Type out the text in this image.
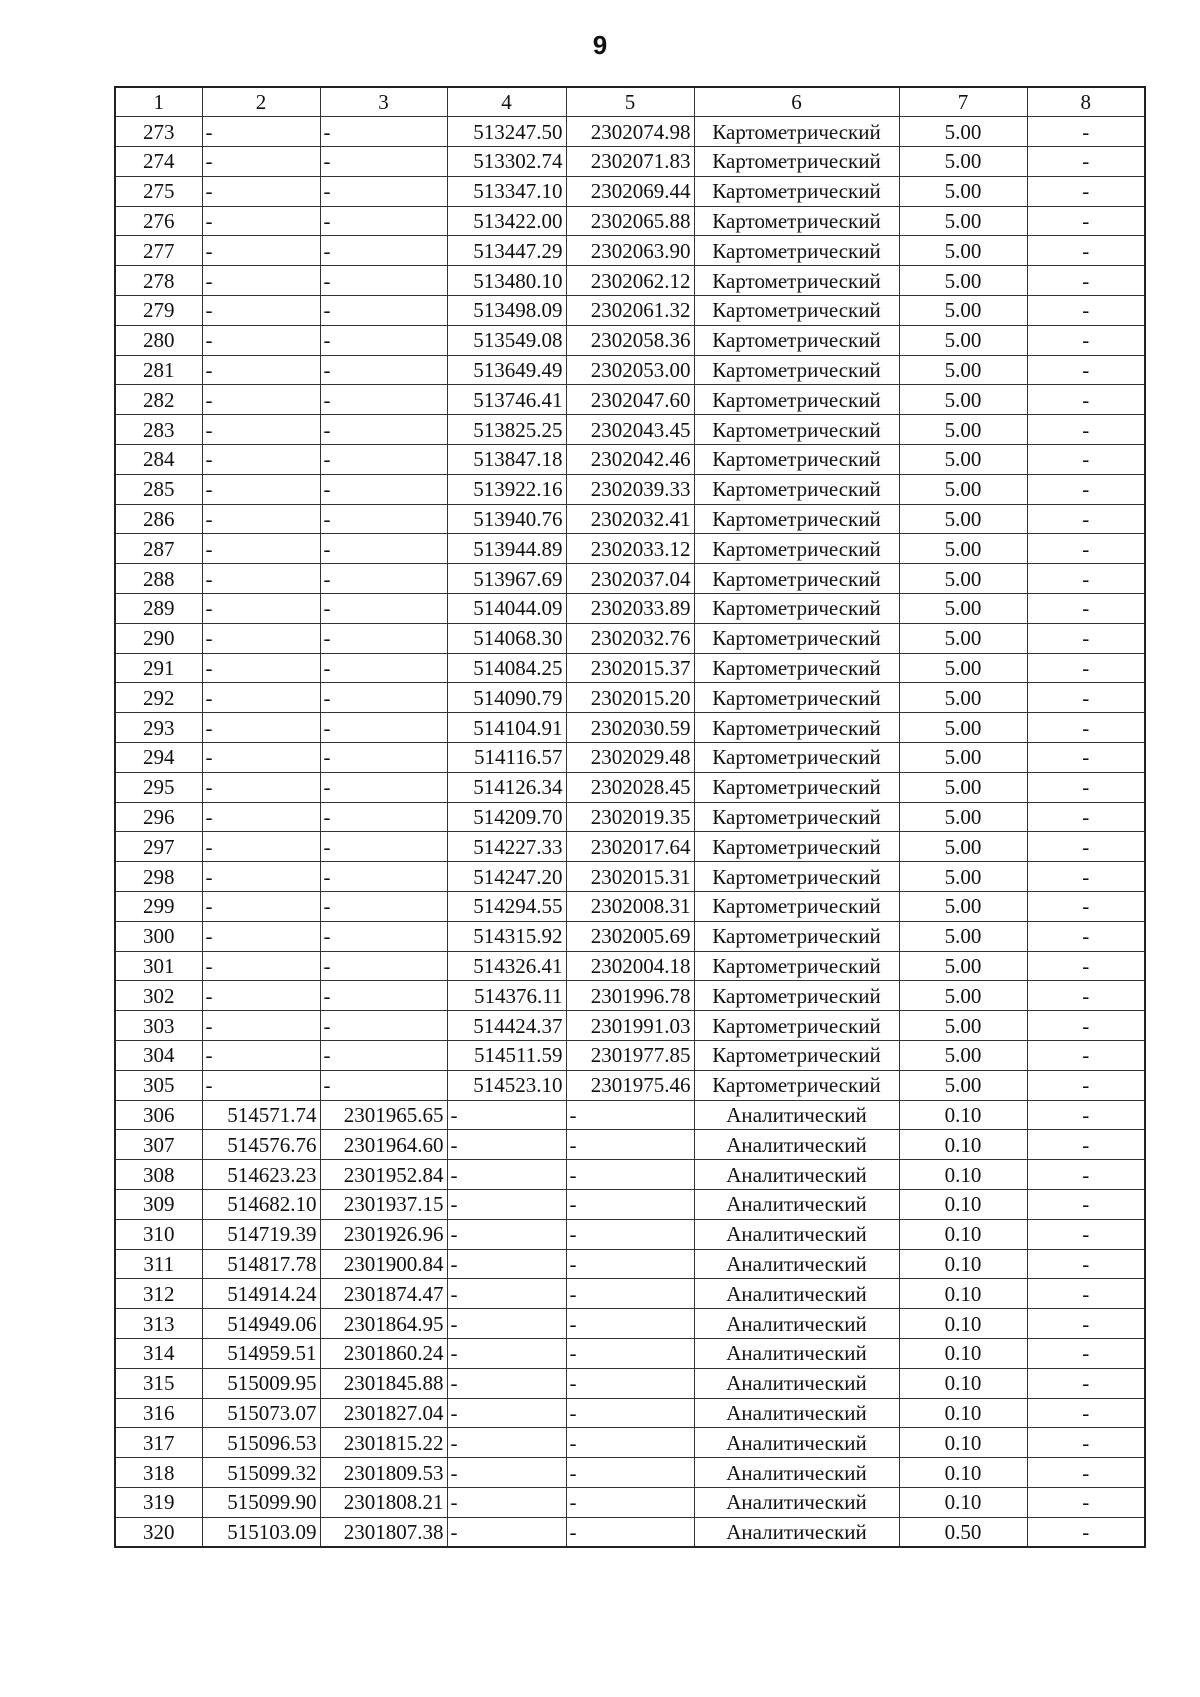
9
1	2	3	4	5	6	7	8
273	-	-	513247.50	2302074.98	Картометрический	5.00	-
274	-	-	513302.74	2302071.83	Картометрический	5.00	-
275	-	-	513347.10	2302069.44	Картометрический	5.00	-
276	-	-	513422.00	2302065.88	Картометрический	5.00	-
277	-	-	513447.29	2302063.90	Картометрический	5.00	-
278	-	-	513480.10	2302062.12	Картометрический	5.00	-
279	-	-	513498.09	2302061.32	Картометрический	5.00	-
280	-	-	513549.08	2302058.36	Картометрический	5.00	-
281	-	-	513649.49	2302053.00	Картометрический	5.00	-
282	-	-	513746.41	2302047.60	Картометрический	5.00	-
283	-	-	513825.25	2302043.45	Картометрический	5.00	-
284	-	-	513847.18	2302042.46	Картометрический	5.00	-
285	-	-	513922.16	2302039.33	Картометрический	5.00	-
286	-	-	513940.76	2302032.41	Картометрический	5.00	-
287	-	-	513944.89	2302033.12	Картометрический	5.00	-
288	-	-	513967.69	2302037.04	Картометрический	5.00	-
289	-	-	514044.09	2302033.89	Картометрический	5.00	-
290	-	-	514068.30	2302032.76	Картометрический	5.00	-
291	-	-	514084.25	2302015.37	Картометрический	5.00	-
292	-	-	514090.79	2302015.20	Картометрический	5.00	-
293	-	-	514104.91	2302030.59	Картометрический	5.00	-
294	-	-	514116.57	2302029.48	Картометрический	5.00	-
295	-	-	514126.34	2302028.45	Картометрический	5.00	-
296	-	-	514209.70	2302019.35	Картометрический	5.00	-
297	-	-	514227.33	2302017.64	Картометрический	5.00	-
298	-	-	514247.20	2302015.31	Картометрический	5.00	-
299	-	-	514294.55	2302008.31	Картометрический	5.00	-
300	-	-	514315.92	2302005.69	Картометрический	5.00	-
301	-	-	514326.41	2302004.18	Картометрический	5.00	-
302	-	-	514376.11	2301996.78	Картометрический	5.00	-
303	-	-	514424.37	2301991.03	Картометрический	5.00	-
304	-	-	514511.59	2301977.85	Картометрический	5.00	-
305	-	-	514523.10	2301975.46	Картометрический	5.00	-
306	514571.74	2301965.65	-	-	Аналитический	0.10	-
307	514576.76	2301964.60	-	-	Аналитический	0.10	-
308	514623.23	2301952.84	-	-	Аналитический	0.10	-
309	514682.10	2301937.15	-	-	Аналитический	0.10	-
310	514719.39	2301926.96	-	-	Аналитический	0.10	-
311	514817.78	2301900.84	-	-	Аналитический	0.10	-
312	514914.24	2301874.47	-	-	Аналитический	0.10	-
313	514949.06	2301864.95	-	-	Аналитический	0.10	-
314	514959.51	2301860.24	-	-	Аналитический	0.10	-
315	515009.95	2301845.88	-	-	Аналитический	0.10	-
316	515073.07	2301827.04	-	-	Аналитический	0.10	-
317	515096.53	2301815.22	-	-	Аналитический	0.10	-
318	515099.32	2301809.53	-	-	Аналитический	0.10	-
319	515099.90	2301808.21	-	-	Аналитический	0.10	-
320	515103.09	2301807.38	-	-	Аналитический	0.50	-
